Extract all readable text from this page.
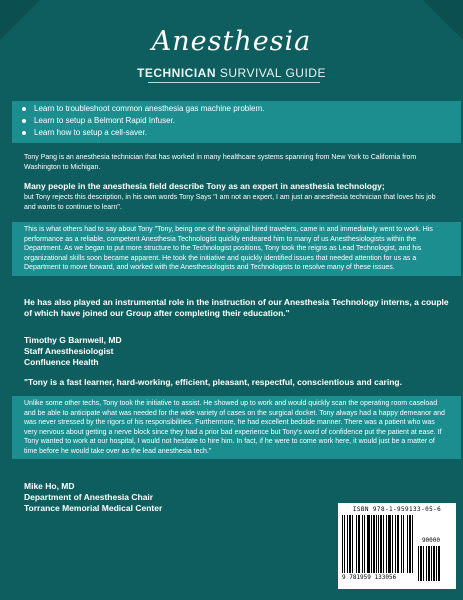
Anesthesia
TECHNICIAN SURVIVAL GUIDE
Learn to troubleshoot common anesthesia gas machine problem.
Learn to setup a Belmont Rapid Infuser.
Learn how to setup a cell-saver.
Tony Pang is an anesthesia technician that has worked in many healthcare systems spanning from New York to California from Washington to Michigan.
Many people in the anesthesia field describe Tony as an expert in anesthesia technology;
but Tony rejects this description, in his own words Tony Says "I am not an expert, I am just an anesthesia technician that loves his job and wants to continue to learn".
This is what others had to say about Tony "Tony, being one of the original hired travelers, came in and immediately went to work. His performance as a reliable, competent Anesthesia Technologist quickly endeared him to many of us Anesthesiologists within the Department. As we began to put more structure to the Technologist positions, Tony took the reigns as Lead Technologist, and his organizational skills soon became apparent. He took the initiative and quickly identified issues that needed attention for us as a Department to move forward, and worked with the Anesthesiologists and Technologists to resolve many of these issues.
He has also played an instrumental role in the instruction of our Anesthesia Technology interns, a couple of which have joined our Group after completing their education."
Timothy G Barnwell, MD
Staff Anesthesiologist
Confluence Health
"Tony is a fast learner, hard-working, efficient, pleasant, respectful, conscientious and caring.
Unlike some other techs, Tony took the initiative to assist. He showed up to work and would quickly scan the operating room caseload and be able to anticipate what was needed for the wide variety of cases on the surgical docket. Tony always had a happy demeanor and was never stressed by the rigors of his responsibilities. Furthermore, he had excellent bedside manner. There was a patient who was very nervous about getting a nerve block since they had a prior bad experience but Tony's word of confidence put the patient at ease. If Tony wanted to work at our hospital, I would not hesitate to hire him. In fact, if he were to come work here, it would just be a matter of time before he would take over as the lead anesthesia tech."
Mike Ho, MD
Department of Anesthesia Chair
Torrance Memorial Medical Center	ISBN 978-1-959133-05-6
9 781959 133056
90000
